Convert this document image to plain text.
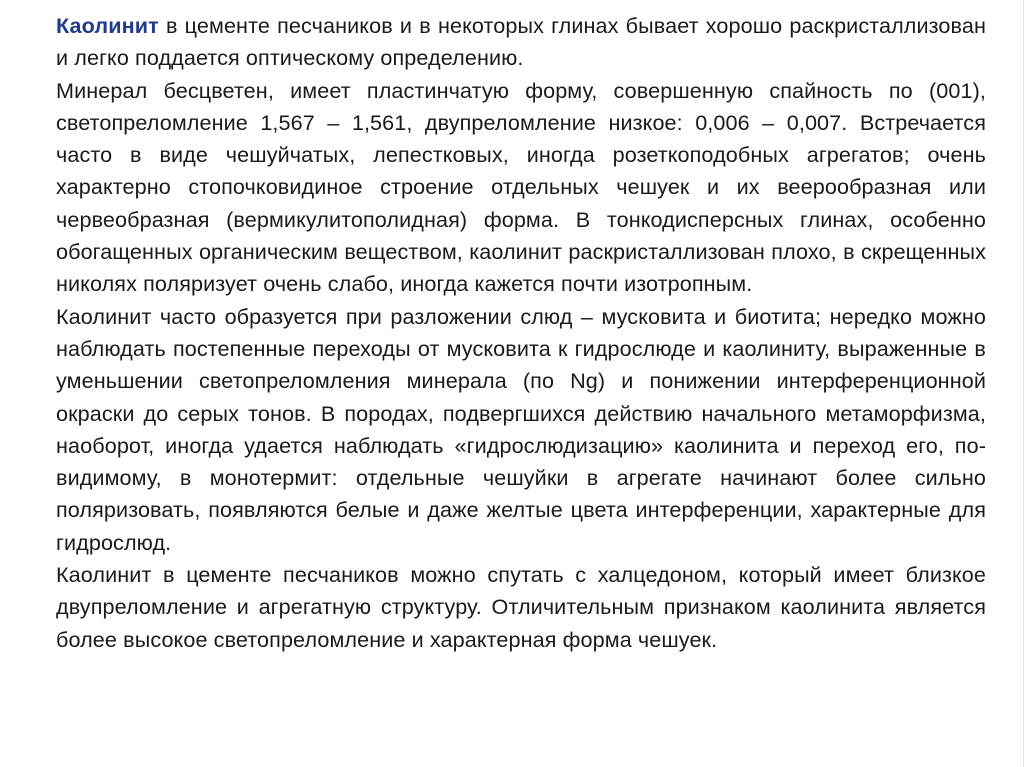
Каолинит в цементе песчаников и в некоторых глинах бывает хорошо раскристаллизован и легко поддается оптическому определению.

Минерал бесцветен, имеет пластинчатую форму, совершенную спайность по (001), светопреломление 1,567 – 1,561, двупреломление низкое: 0,006 – 0,007. Встречается часто в виде чешуйчатых, лепестковых, иногда розеткоподобных агрегатов; очень характерно стопочковидиное строение отдельных чешуек и их веерообразная или червеобразная (вермикулитополидная) форма. В тонкодисперсных глинах, особенно обогащенных органическим веществом, каолинит раскристаллизован плохо, в скрещенных николях поляризует очень слабо, иногда кажется почти изотропным.

Каолинит часто образуется при разложении слюд – мусковита и биотита; нередко можно наблюдать постепенные переходы от мусковита к гидрослюде и каолиниту, выраженные в уменьшении светопреломления минерала (по Ng) и понижении интерференционной окраски до серых тонов. В породах, подвергшихся действию начального метаморфизма, наоборот, иногда удается наблюдать «гидрослюдизацию» каолинита и переход его, по-видимому, в монотермит: отдельные чешуйки в агрегате начинают более сильно поляризовать, появляются белые и даже желтые цвета интерференции, характерные для гидрослюд.

Каолинит в цементе песчаников можно спутать с халцедоном, который имеет близкое двупреломление и агрегатную структуру. Отличительным признаком каолинита является более высокое светопреломление и характерная форма чешуек.
